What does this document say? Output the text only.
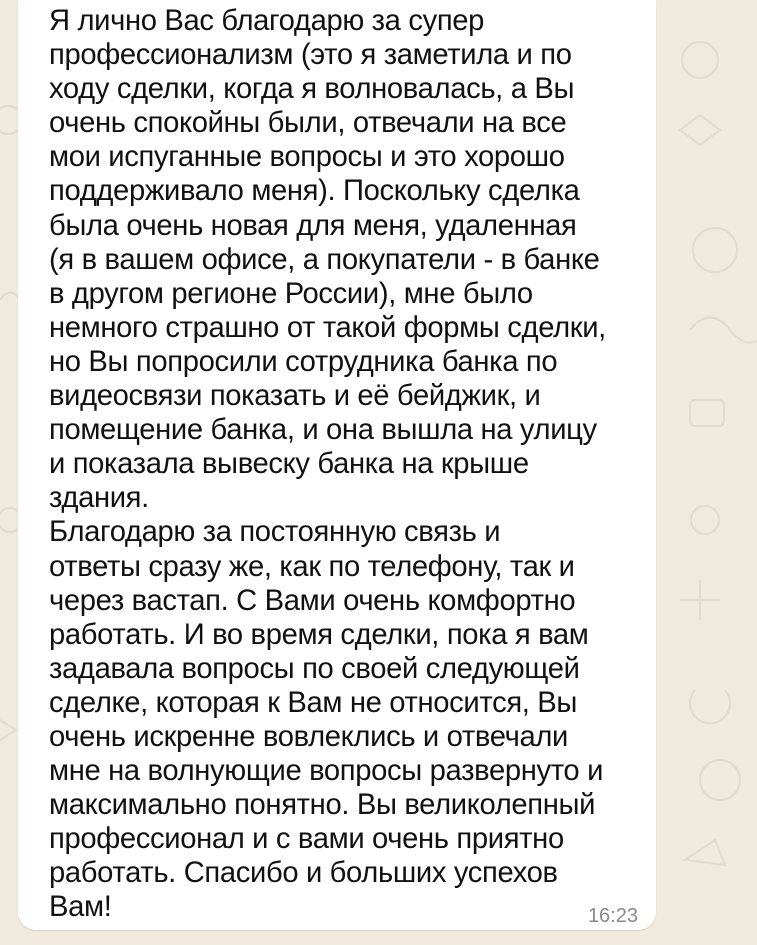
Я лично Вас благодарю за супер
профессионализм (это я заметила и по
ходу сделки, когда я волновалась, а Вы
очень спокойны были, отвечали на все
мои испуганные вопросы и это хорошо
поддерживало меня). Поскольку сделка
была очень новая для меня, удаленная
(я в вашем офисе, а покупатели - в банке
в другом регионе России), мне было
немного страшно от такой формы сделки,
но Вы попросили сотрудника банка по
видеосвязи показать и её бейджик, и
помещение банка, и она вышла на улицу
и показала вывеску банка на крыше
здания.
Благодарю за постоянную связь и
ответы сразу же, как по телефону, так и
через вастап. С Вами очень комфортно
работать. И во время сделки, пока я вам
задавала вопросы по своей следующей
сделке, которая к Вам не относится, Вы
очень искренне вовлеклись и отвечали
мне на волнующие вопросы развернуто и
максимально понятно. Вы великолепный
профессионал и с вами очень приятно
работать. Спасибо и больших успехов
Вам!	16:23
